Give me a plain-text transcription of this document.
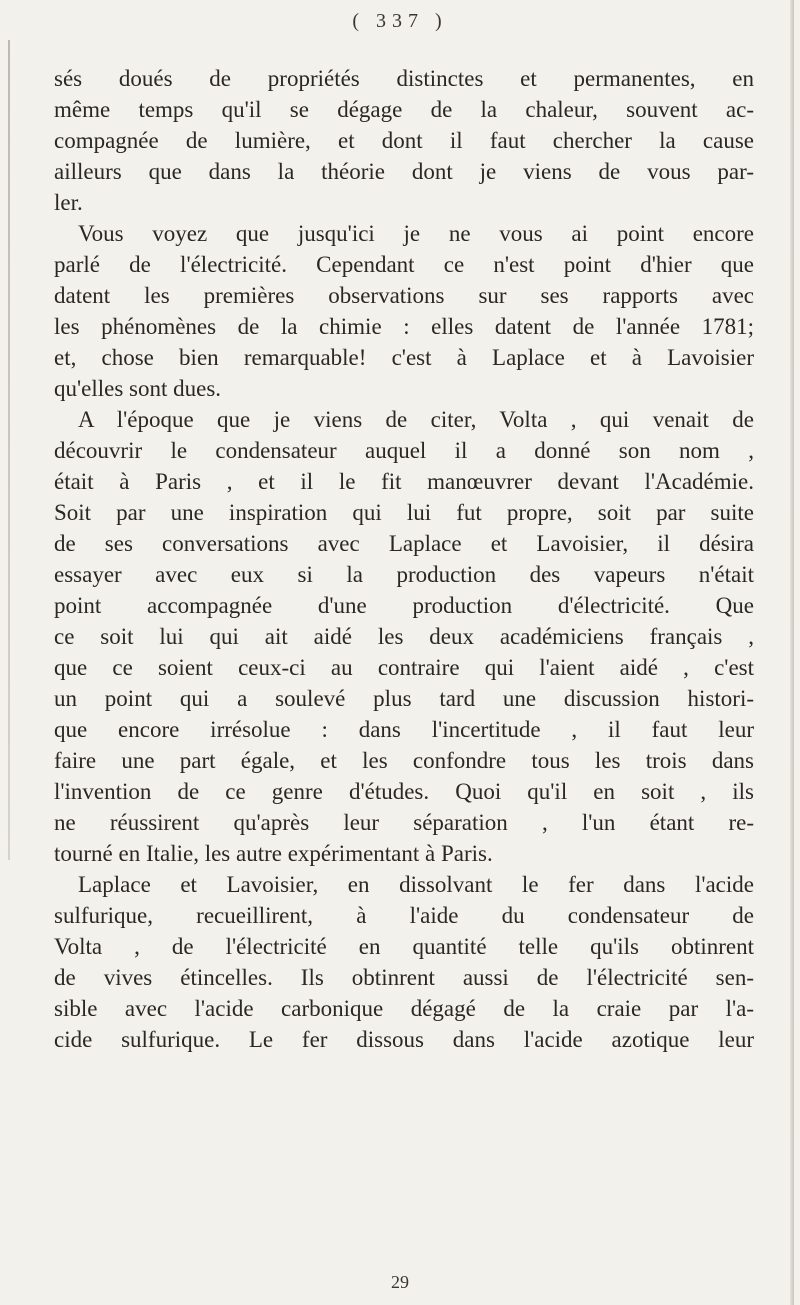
( 337 )
sés doués de propriétés distinctes et permanentes, en
même temps qu'il se dégage de la chaleur, souvent ac-
compagnée de lumière, et dont il faut chercher la cause
ailleurs que dans la théorie dont je viens de vous par-
ler.
Vous voyez que jusqu'ici je ne vous ai point encore
parlé de l'électricité. Cependant ce n'est point d'hier que
datent les premières observations sur ses rapports avec
les phénomènes de la chimie : elles datent de l'année 1781;
et, chose bien remarquable! c'est à Laplace et à Lavoisier
qu'elles sont dues.
A l'époque que je viens de citer, Volta , qui venait de
découvrir le condensateur auquel il a donné son nom ,
était à Paris , et il le fit manœuvrer devant l'Académie.
Soit par une inspiration qui lui fut propre, soit par suite
de ses conversations avec Laplace et Lavoisier, il désira
essayer avec eux si la production des vapeurs n'était
point accompagnée d'une production d'électricité. Que
ce soit lui qui ait aidé les deux académiciens français ,
que ce soient ceux-ci au contraire qui l'aient aidé , c'est
un point qui a soulevé plus tard une discussion histori-
que encore irrésolue : dans l'incertitude , il faut leur
faire une part égale, et les confondre tous les trois dans
l'invention de ce genre d'études. Quoi qu'il en soit , ils
ne réussirent qu'après leur séparation , l'un étant re-
tourné en Italie, les autre expérimentant à Paris.
Laplace et Lavoisier, en dissolvant le fer dans l'acide
sulfurique, recueillirent, à l'aide du condensateur de
Volta , de l'électricité en quantité telle qu'ils obtinrent
de vives étincelles. Ils obtinrent aussi de l'électricité sen-
sible avec l'acide carbonique dégagé de la craie par l'a-
cide sulfurique. Le fer dissous dans l'acide azotique leur
29
